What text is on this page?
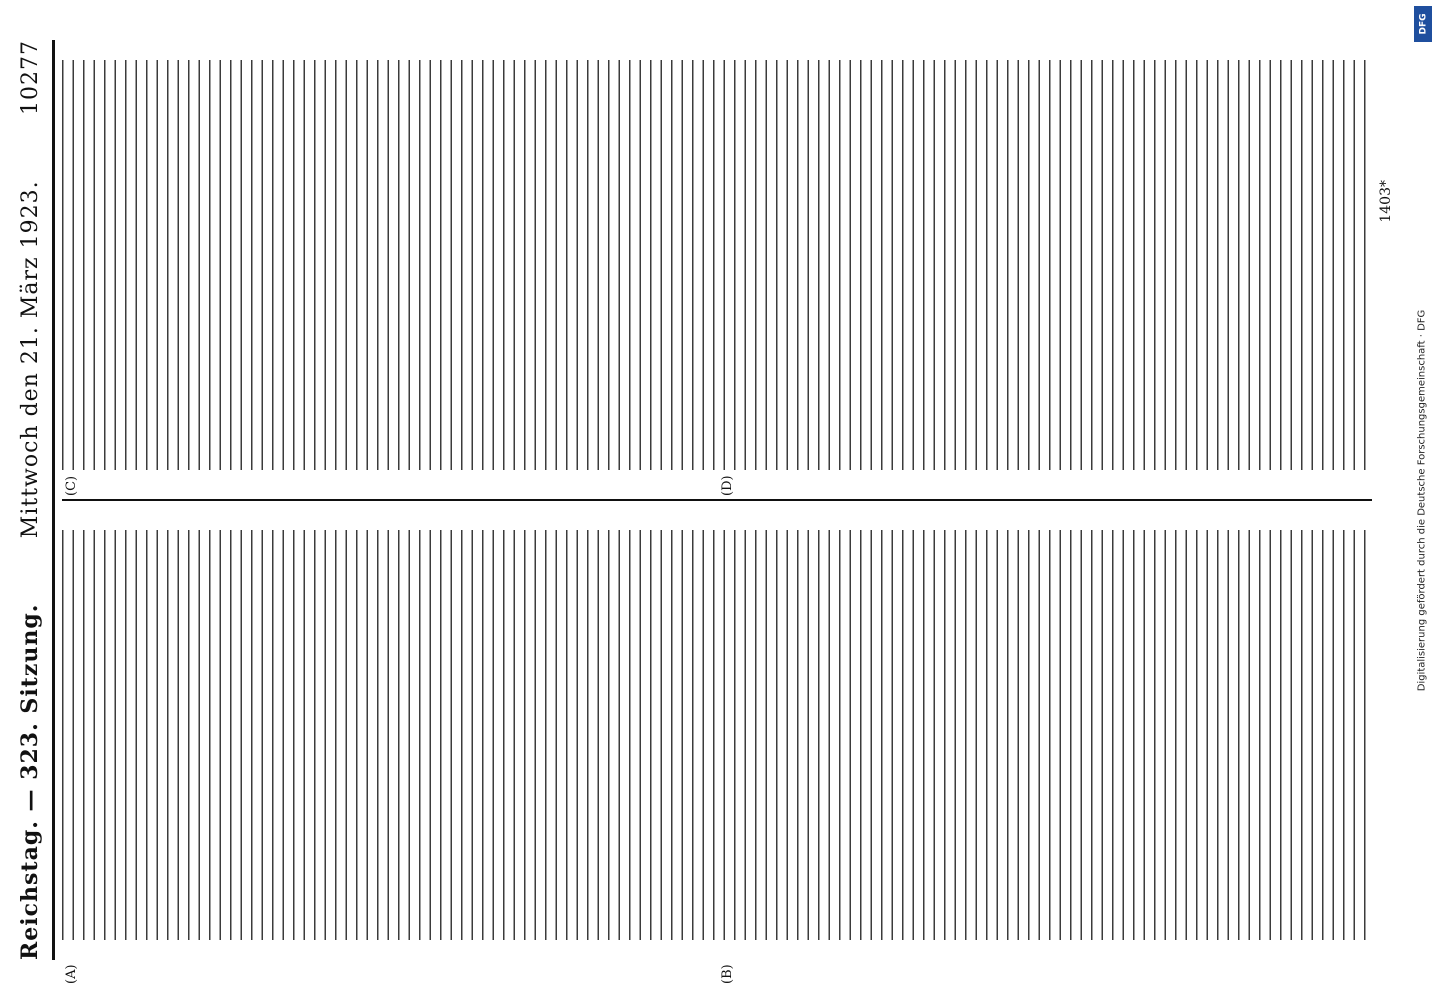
Reichstag. — 323. Sitzung.
Mittwoch den 21. März 1923.
10277
(A)	(B)
(C)	(D)
1403*
Digitalisierung gefördert durch die Deutsche Forschungsgemeinschaft · DFG
DFG
